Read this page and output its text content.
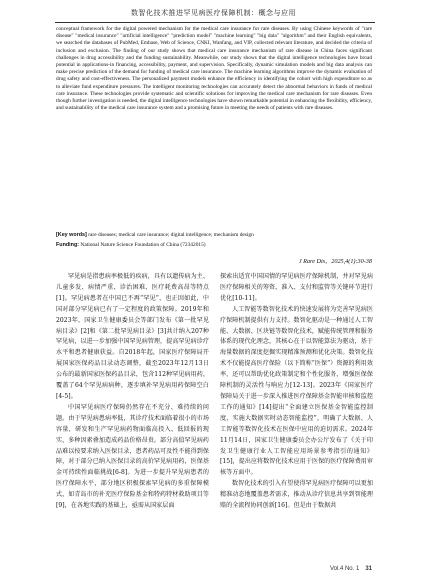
数智化技术推进罕见病医疗保障机制：概念与应用

conceptual framework for the digital powered mechanism for the medical care insurance for rare diseases. By using Chinese keywords of "rare disease" "medical insurance" "artificial intelligence" "prediction model" "machine learning" "big data" "algorithm" and their English equivalents, we searched the databases of PubMed, Embase, Web of Science, CNKI, Wanfang, and VIP, collected relevant literature, and decided the criteria of inclusion and exclusion. The finding of our study shows that medical care insurance mechanism of rare disease in China faces significant challenges in drug accessibility and the funding sustainability. Meanwhile, our study shows that the digital intelligence technologies have broad potential in applications-in financing, accessibility, payment, and supervision. Specifically, dynamic simulation models and big data analysis can make precise prediction of the demand for funding of medical care insurance. The machine learning algorithms improve the dynamic evaluation of drug safety and cost-effectiveness. The personalized payment models enhance the efficiency in identifying the cohort with high expenditure so as to alleviate fund expenditure pressures. The intelligent monitoring technologies can accurately detect the abnormal behaviors in funds of medical care insurance. These technologies provide systematic and scientific solutions for improving the medical care mechanism for rare diseases. Even though further investigation is needed, the digital intelligence technologies have shown remarkable potential in enhancing the flexibility, efficiency, and sustainability of the medical care insurance system and a promising future in meeting the needs of patients with rare diseases.

[Key words] rare diseases; medical care insurance; digital intelligence; mechanism design
Funding: National Nature Science Foundation of China (72342015)
J Rare Dis，2025,4(1):30-38

罕见病是指患病率极低的疾病，具有以遗传病为主、儿童多发、病情严重、诊治困难、医疗耗费高昂等特点[1]。罕见病患者在中国已不再“罕见”，也正因如此，中国对部分罕见病已有了一定程度的政策保障。2019年和2023年，国家卫生健康委员会等部门发布《第一批罕见病目录》[2]和《第二批罕见病目录》[3]共计纳入207种罕见病，以进一步加强中国罕见病管理，提高罕见病诊疗水平和患者健康获益。自2018年起，国家医疗保障局开展国家医保药品目录动态调整，截至2023年12月13日公布的最新国家医保药品目录，包含112种罕见病用药，覆盖了64个罕见病病种，逐步填补罕见病用药保障空白[4-5]。

中国罕见病医疗保障仍然存在不充分、难持续的问题。由于罕见病患病率低，其诊疗技术面临着很小的市场容量，研发和生产罕见病药物面临高投入、低回报的现实，多种因素叠加造成药品价格昂贵。部分高值罕见病药品难以按要求纳入医保目录，患者药品可及性不能得到保障，对于部分已纳入医保目录的高价罕见病用药，医保基金可持续性面临挑战[6-8]。为进一步提升罕见病患者的医疗保障水平，部分地区积极探索罕见病的多重保障模式，如青岛市的补充医疗保险基金和特药特材救助项目等[9]，在各地实践的基础上，亟需从国家层面

探索出适宜中国国情的罕见病医疗保障机制，并对罕见病医疗保障相关的筹资、准入、支付和监管等关键环节进行优化[10-11]。

人工智能等数智化技术的快速发展将为完善罕见病医疗保障机制提供有力支持。数智化驱动是一种通过人工智能、大数据、区块链等数智化技术，赋能传统管理和服务体系的现代化理念，其核心在于以智能算法为驱动，基于海量数据的深度挖掘实现精准预测和优化决策。数智化技术不仅能提高医疗保险（以下简称“医保”）资源的利用效率，还可以帮助优化政策制定和个性化服务，增强医保保障机制的灵活性与响应力[12-13]。2023年《国家医疗保障局关于进一步深入推进医疗保障基金智能审核和监控工作的通知》[14]提出“全面建立医保基金智能监控制度，实施大数据实时动态智能监控”，明确了大数据、人工智能等数智化技术在医保中应用的迫切需求。2024年11月14日，国家卫生健康委员会办公厅发布了《关于印发卫生健康行业人工智能应用场景参考指引的通知》[15]，提出应将数智化技术应用于医保的医疗保障费用审核等方面中。

数智化技术的引入有望使得罕见病医疗保障可以更加精准动态地覆盖患者需求，推动从诊疗信息共享到智能理赔的全流程协同创新[16]。但是由于数据共

Vol.4 No. 1 31
